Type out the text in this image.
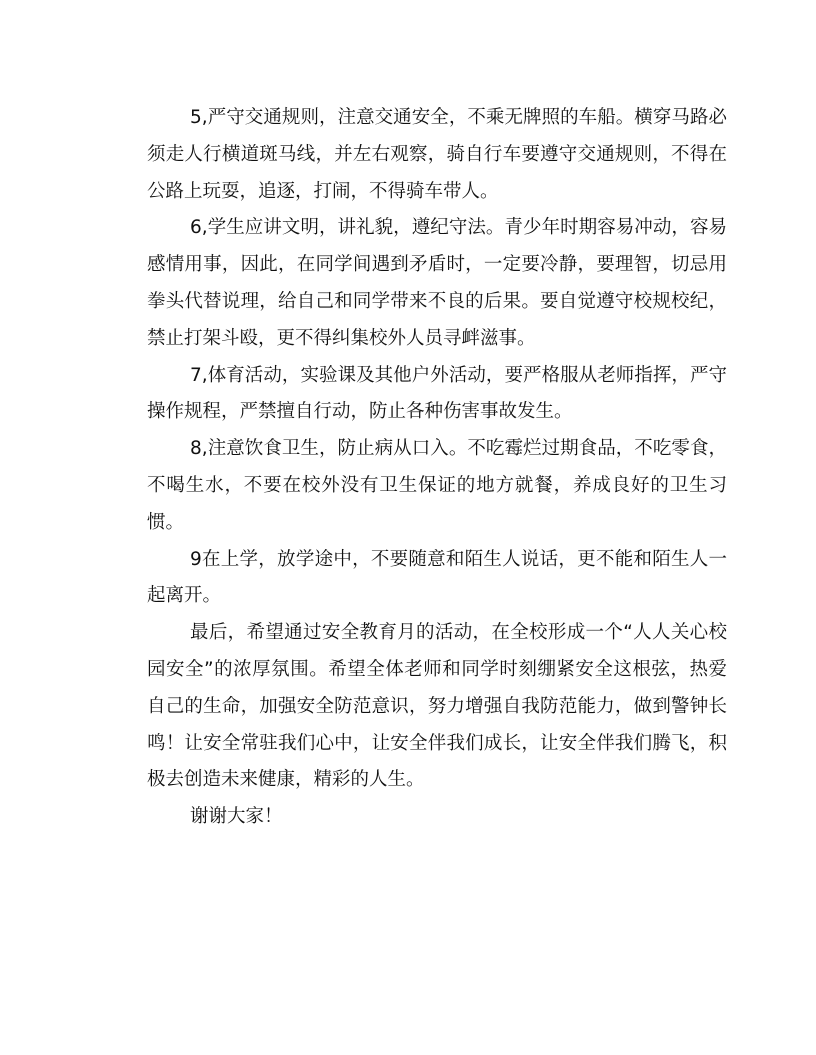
5,严守交通规则，注意交通安全，不乘无牌照的车船。横穿马路必须走人行横道斑马线，并左右观察，骑自行车要遵守交通规则，不得在公路上玩耍，追逐，打闹，不得骑车带人。

6,学生应讲文明，讲礼貌，遵纪守法。青少年时期容易冲动，容易感情用事，因此，在同学间遇到矛盾时，一定要冷静，要理智，切忌用拳头代替说理，给自己和同学带来不良的后果。要自觉遵守校规校纪，禁止打架斗殴，更不得纠集校外人员寻衅滋事。

7,体育活动，实验课及其他户外活动，要严格服从老师指挥，严守操作规程，严禁擅自行动，防止各种伤害事故发生。

8,注意饮食卫生，防止病从口入。不吃霉烂过期食品，不吃零食，不喝生水，不要在校外没有卫生保证的地方就餐，养成良好的卫生习惯。

9在上学，放学途中，不要随意和陌生人说话，更不能和陌生人一起离开。

最后，希望通过安全教育月的活动，在全校形成一个“人人关心校园安全”的浓厚氛围。希望全体老师和同学时刻绷紧安全这根弦，热爱自己的生命，加强安全防范意识，努力增强自我防范能力，做到警钟长鸣！让安全常驻我们心中，让安全伴我们成长，让安全伴我们腾飞，积极去创造未来健康，精彩的人生。

谢谢大家！
